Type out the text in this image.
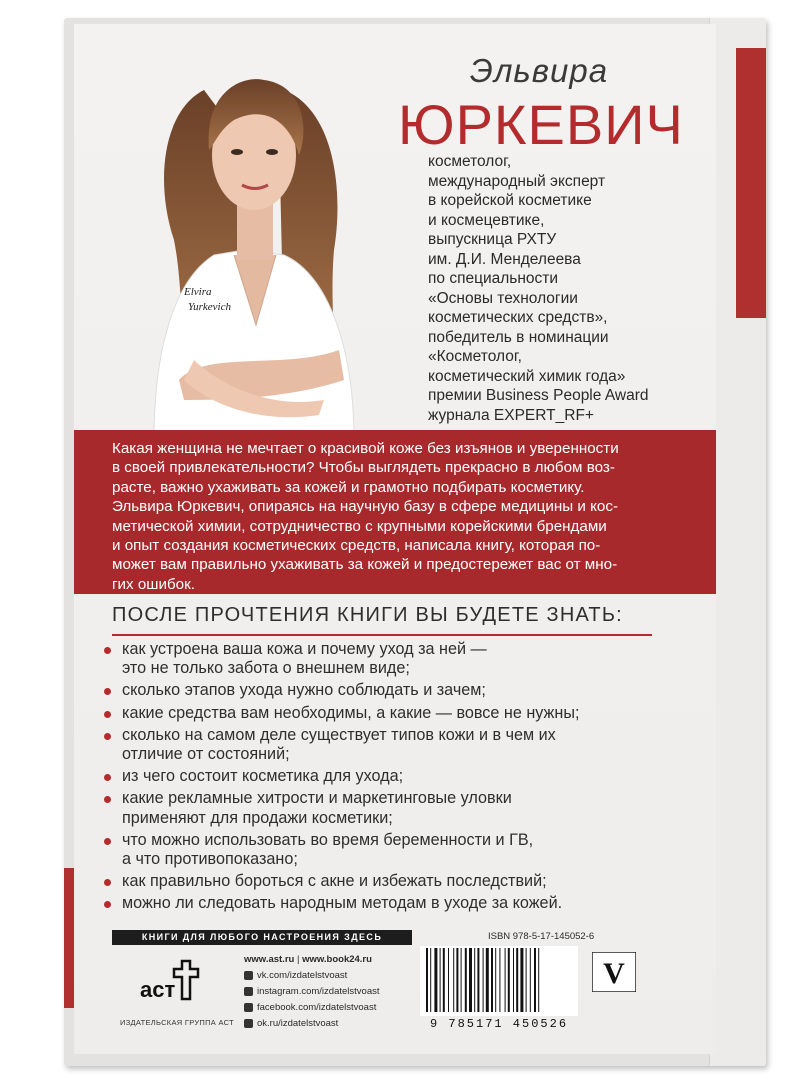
Elvira
Yurkevich
Эльвира
ЮРКЕВИЧ
косметолог,
международный эксперт
в корейской косметике
и космецевтике,
выпускница РХТУ
им. Д.И. Менделеева
по специальности
«Основы технологии
косметических средств»,
победитель в номинации
«Косметолог,
косметический химик года»
премии Business People Award
журнала EXPERT_RF+

Какая женщина не мечтает о красивой коже без изъянов и уверенности
в своей привлекательности? Чтобы выглядеть прекрасно в любом воз-
расте, важно ухаживать за кожей и грамотно подбирать косметику.
Эльвира Юркевич, опираясь на научную базу в сфере медицины и кос-
метической химии, сотрудничество с крупными корейскими брендами
и опыт создания косметических средств, написала книгу, которая по-
может вам правильно ухаживать за кожей и предостережет вас от мно-
гих ошибок.

ПОСЛЕ ПРОЧТЕНИЯ КНИГИ ВЫ БУДЕТЕ ЗНАТЬ:
как устроена ваша кожа и почему уход за ней —
это не только забота о внешнем виде;
сколько этапов ухода нужно соблюдать и зачем;
какие средства вам необходимы, а какие — вовсе не нужны;
сколько на самом деле существует типов кожи и в чем их
отличие от состояний;
из чего состоит косметика для ухода;
какие рекламные хитрости и маркетинговые уловки
применяют для продажи косметики;
что можно использовать во время беременности и ГВ,
а что противопоказано;
как правильно бороться с акне и избежать последствий;
можно ли следовать народным методам в уходе за кожей.
КНИГИ ДЛЯ ЛЮБОГО НАСТРОЕНИЯ ЗДЕСЬ	ISBN 978-5-17-145052-6
V
9 785171 450526
аст
ИЗДАТЕЛЬСКАЯ ГРУППА АСТ
www.ast.ru | www.book24.ru
vk.com/izdatelstvoast
instagram.com/izdatelstvoast
facebook.com/izdatelstvoast
ok.ru/izdatelstvoast
